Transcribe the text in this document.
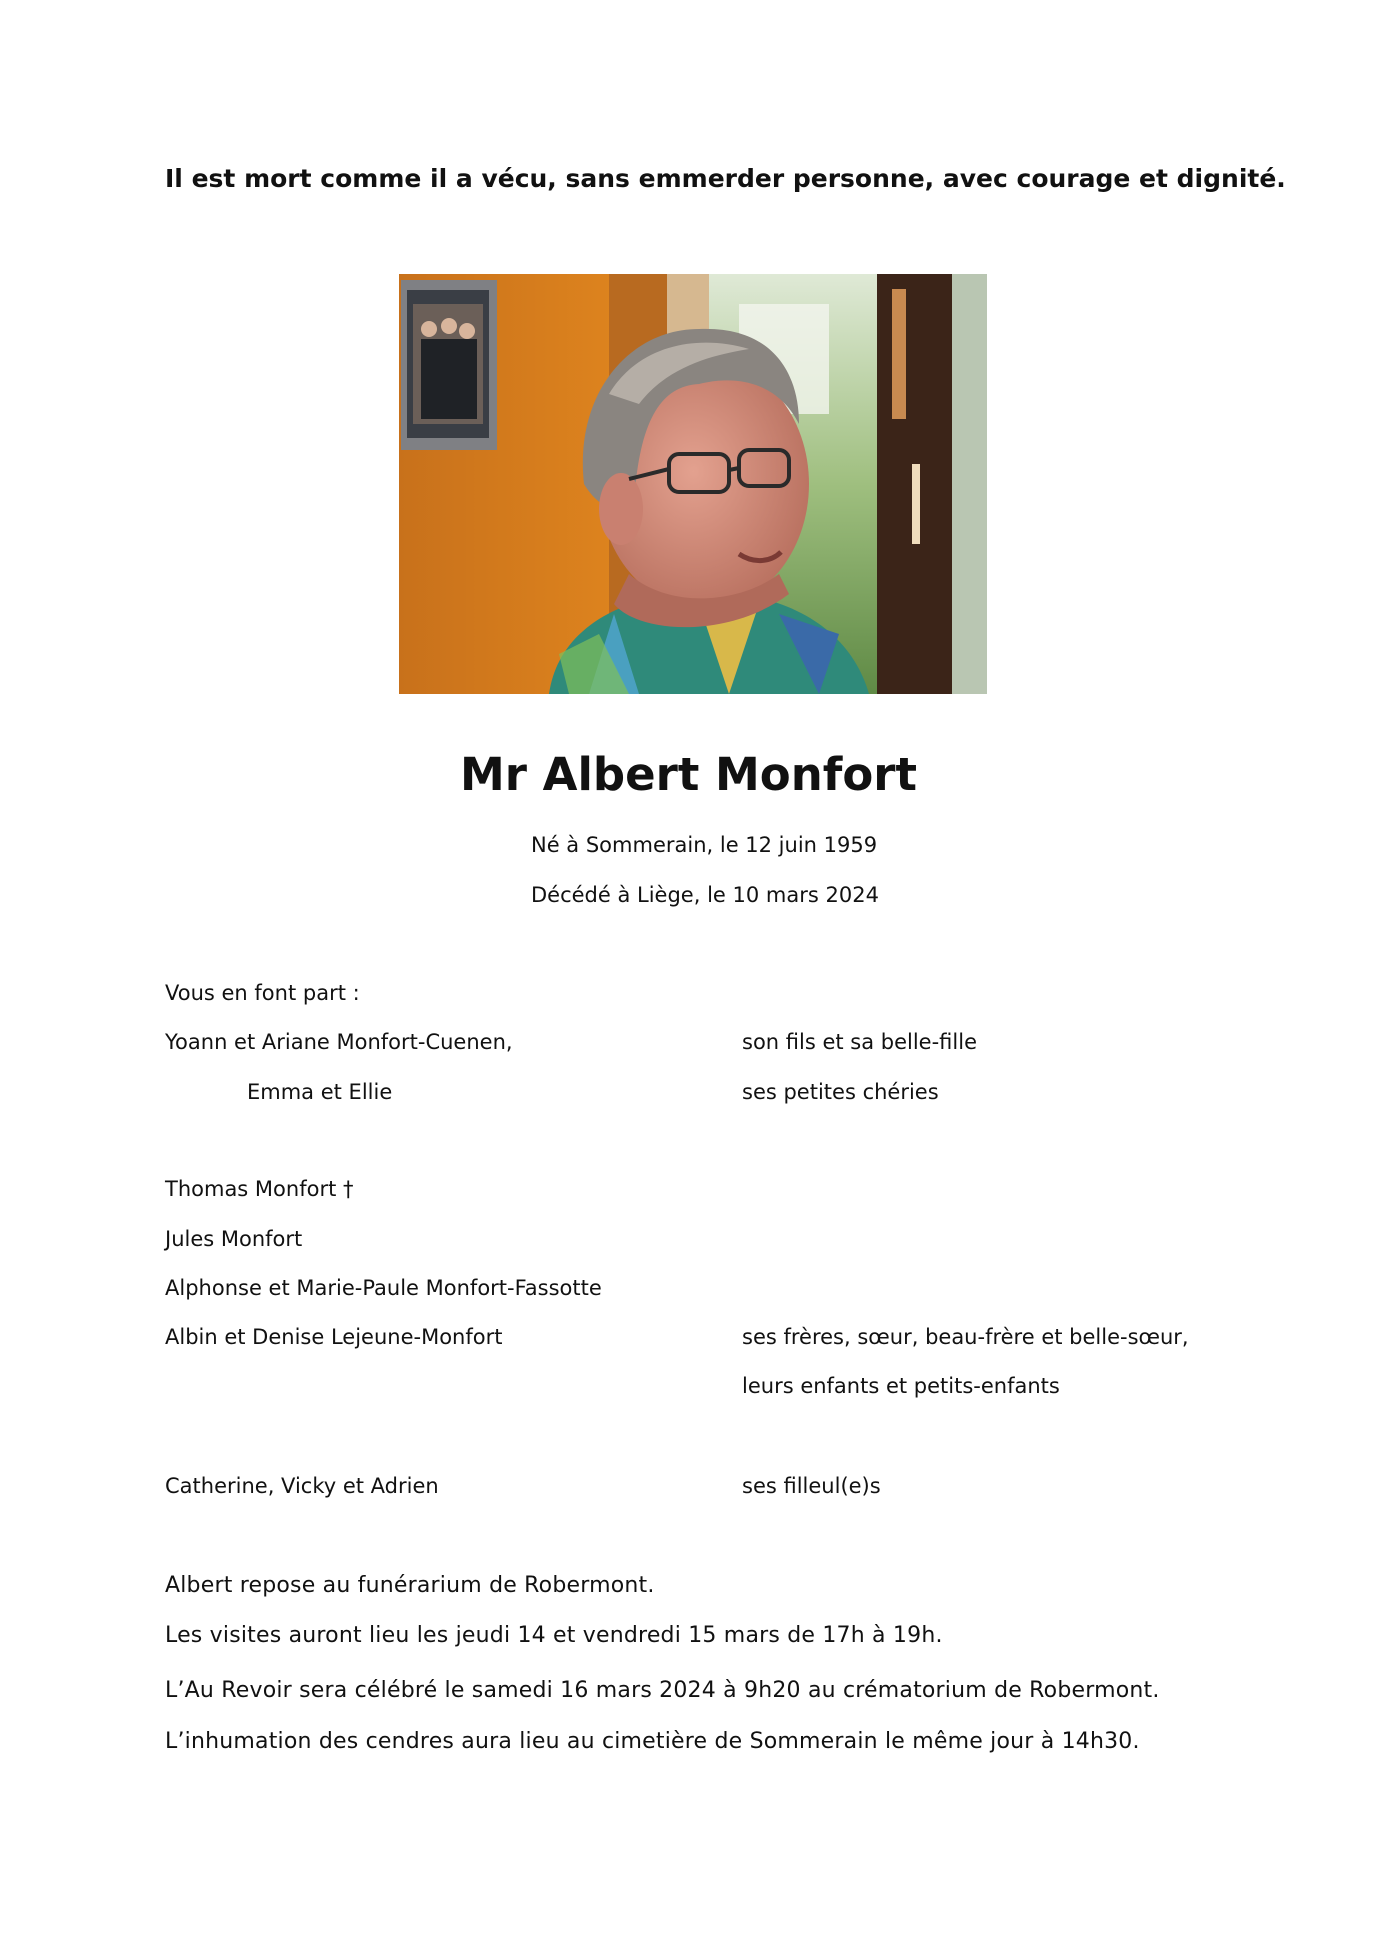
Il est mort comme il a vécu, sans emmerder personne, avec courage et dignité.
Mr Albert Monfort
Né à Sommerain, le 12 juin 1959
Décédé à Liège, le 10 mars 2024
Vous en font part :
Yoann et Ariane Monfort-Cuenen,	son fils et sa belle-fille
Emma et Ellie	ses petites chéries
Thomas Monfort †
Jules Monfort
Alphonse et Marie-Paule Monfort-Fassotte
Albin et Denise Lejeune-Monfort	ses frères, sœur, beau-frère et belle-sœur,
leurs enfants et petits-enfants
Catherine, Vicky et Adrien	ses filleul(e)s
Albert repose au funérarium de Robermont.
Les visites auront lieu les jeudi 14 et vendredi 15 mars de 17h à 19h.
L’Au Revoir sera célébré le samedi 16 mars 2024 à 9h20 au crématorium de Robermont.
L’inhumation des cendres aura lieu au cimetière de Sommerain le même jour à 14h30.
